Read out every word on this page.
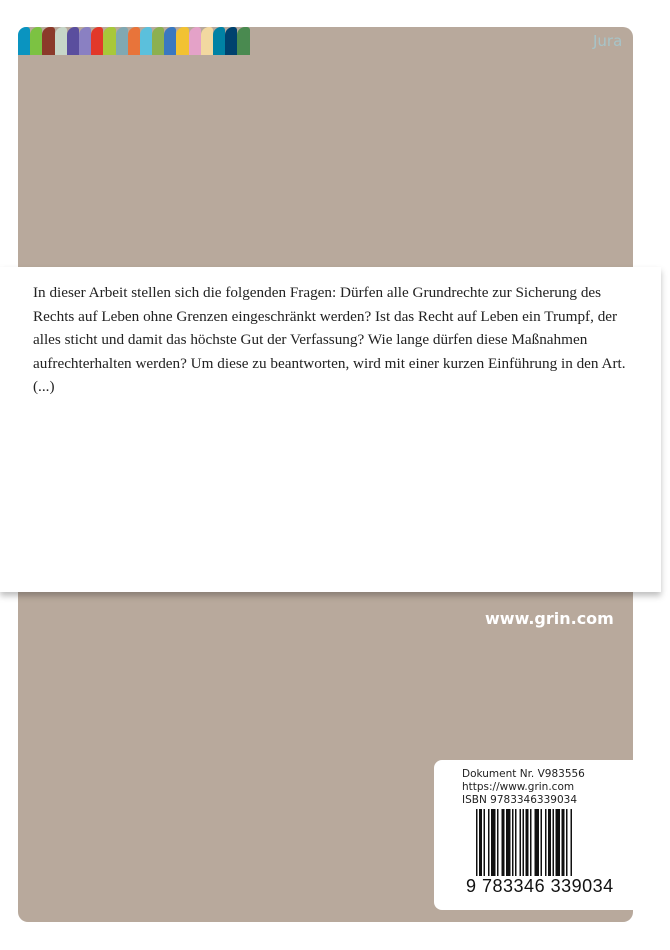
Jura
In dieser Arbeit stellen sich die folgenden Fragen: Dürfen alle Grundrechte zur Sicherung des Rechts auf Leben ohne Grenzen eingeschränkt werden? Ist das Recht auf Leben ein Trumpf, der alles sticht und damit das höchste Gut der Verfassung? Wie lange dürfen diese Maßnahmen aufrechterhalten werden? Um diese zu beantworten, wird mit einer kurzen Einführung in den Art. (...)
www.grin.com
Dokument Nr. V983556
https://www.grin.com
ISBN 9783346339034
9 783346 339034
